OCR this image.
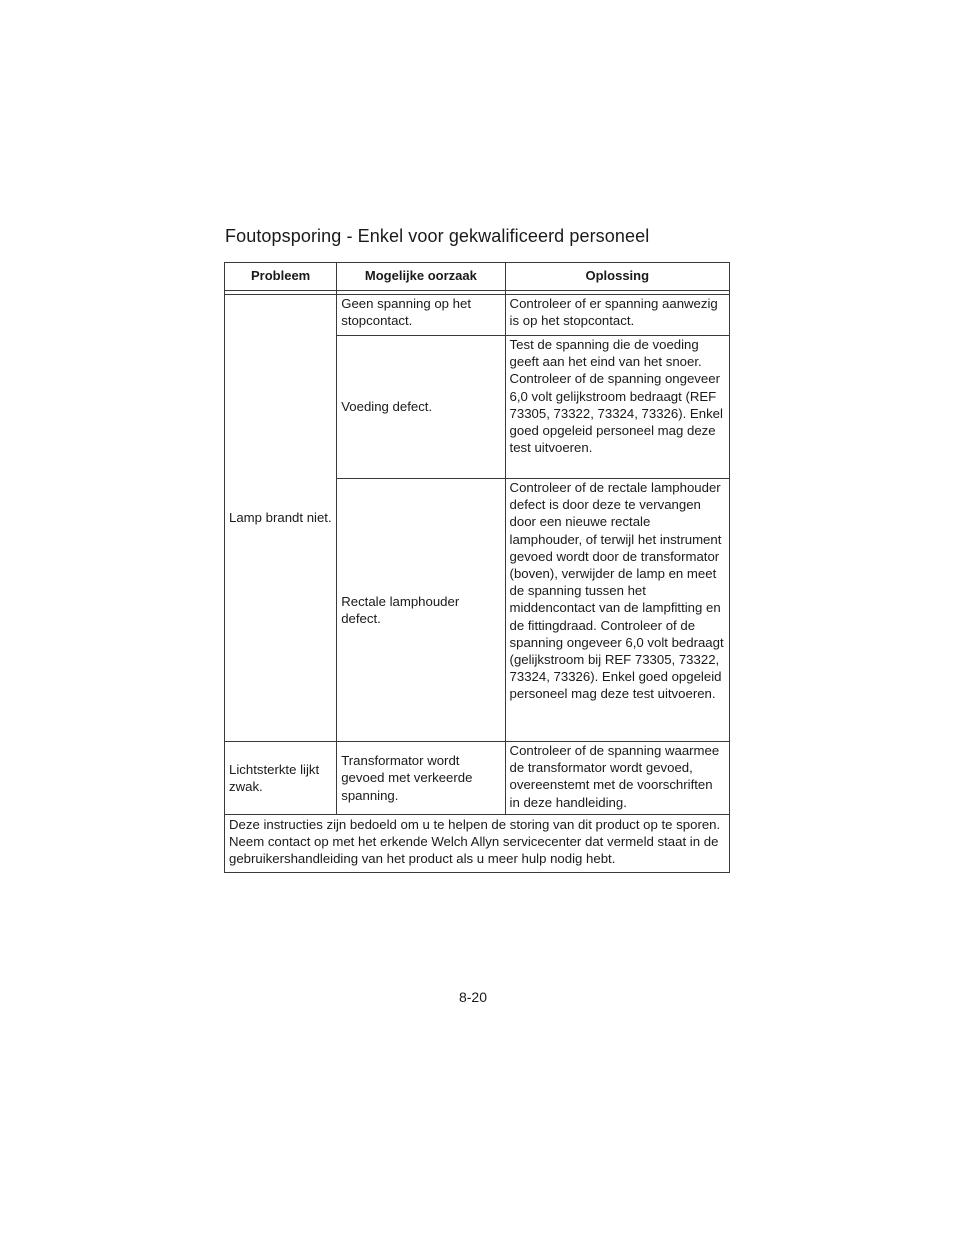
Foutopsporing - Enkel voor gekwalificeerd personeel
Probleem	Mogelijke oorzaak	Oplossing

Lamp brandt niet.	Geen spanning op het stopcontact.	Controleer of er spanning aanwezig is op het stopcontact.
	Voeding defect.	Test de spanning die de voeding geeft aan het eind van het snoer. Controleer of de spanning ongeveer 6,0 volt gelijkstroom bedraagt (REF 73305, 73322, 73324, 73326). Enkel goed opgeleid personeel mag deze test uitvoeren.
	Rectale lamphouder defect.	Controleer of de rectale lamphouder defect is door deze te vervangen door een nieuwe rectale lamphouder, of terwijl het instrument gevoed wordt door de transformator (boven), verwijder de lamp en meet de spanning tussen het middencontact van de lampfitting en de fittingdraad. Controleer of de spanning ongeveer 6,0 volt bedraagt (gelijkstroom bij REF 73305, 73322, 73324, 73326). Enkel goed opgeleid personeel mag deze test uitvoeren.
Lichtsterkte lijkt zwak.	Transformator wordt gevoed met verkeerde spanning.	Controleer of de spanning waarmee de transformator wordt gevoed, overeenstemt met de voorschriften in deze handleiding.
Deze instructies zijn bedoeld om u te helpen de storing van dit product op te sporen. Neem contact op met het erkende Welch Allyn servicecenter dat vermeld staat in de gebruikershandleiding van het product als u meer hulp nodig hebt.		
8-20
